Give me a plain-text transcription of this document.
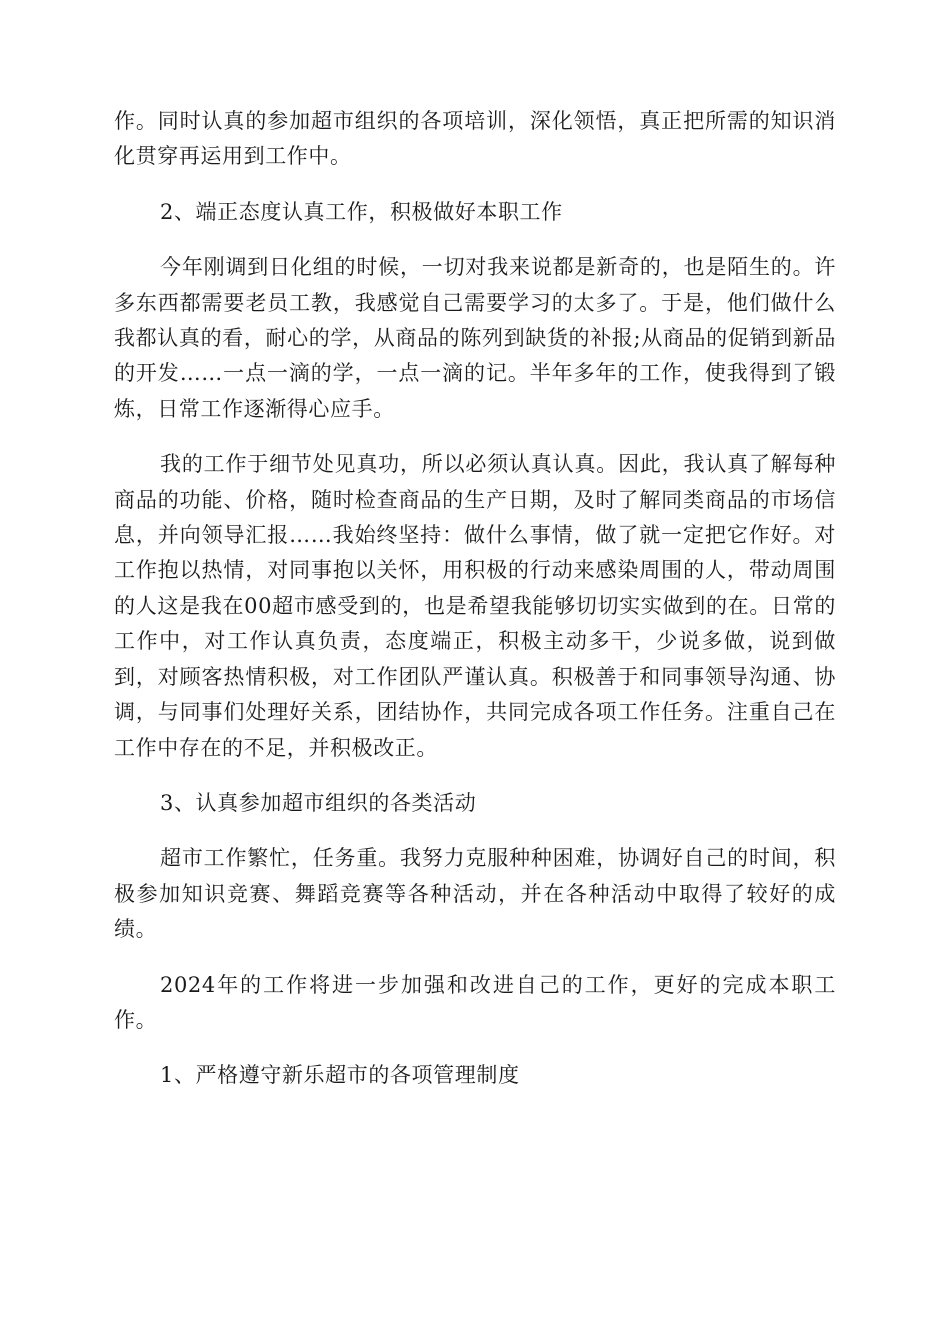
作。同时认真的参加超市组织的各项培训，深化领悟，真正把所需的知识消化贯穿再运用到工作中。

2、端正态度认真工作，积极做好本职工作

今年刚调到日化组的时候，一切对我来说都是新奇的，也是陌生的。许多东西都需要老员工教，我感觉自己需要学习的太多了。于是，他们做什么我都认真的看，耐心的学，从商品的陈列到缺货的补报;从商品的促销到新品的开发……一点一滴的学，一点一滴的记。半年多年的工作，使我得到了锻炼，日常工作逐渐得心应手。

我的工作于细节处见真功，所以必须认真认真。因此，我认真了解每种商品的功能、价格，随时检查商品的生产日期，及时了解同类商品的市场信息，并向领导汇报……我始终坚持：做什么事情，做了就一定把它作好。对工作抱以热情，对同事抱以关怀，用积极的行动来感染周围的人，带动周围的人这是我在00超市感受到的，也是希望我能够切切实实做到的在。日常的工作中，对工作认真负责，态度端正，积极主动多干，少说多做，说到做到，对顾客热情积极，对工作团队严谨认真。积极善于和同事领导沟通、协调，与同事们处理好关系，团结协作，共同完成各项工作任务。注重自己在工作中存在的不足，并积极改正。

3、认真参加超市组织的各类活动

超市工作繁忙，任务重。我努力克服种种困难，协调好自己的时间，积极参加知识竞赛、舞蹈竞赛等各种活动，并在各种活动中取得了较好的成绩。

2024年的工作将进一步加强和改进自己的工作，更好的完成本职工作。

1、严格遵守新乐超市的各项管理制度
